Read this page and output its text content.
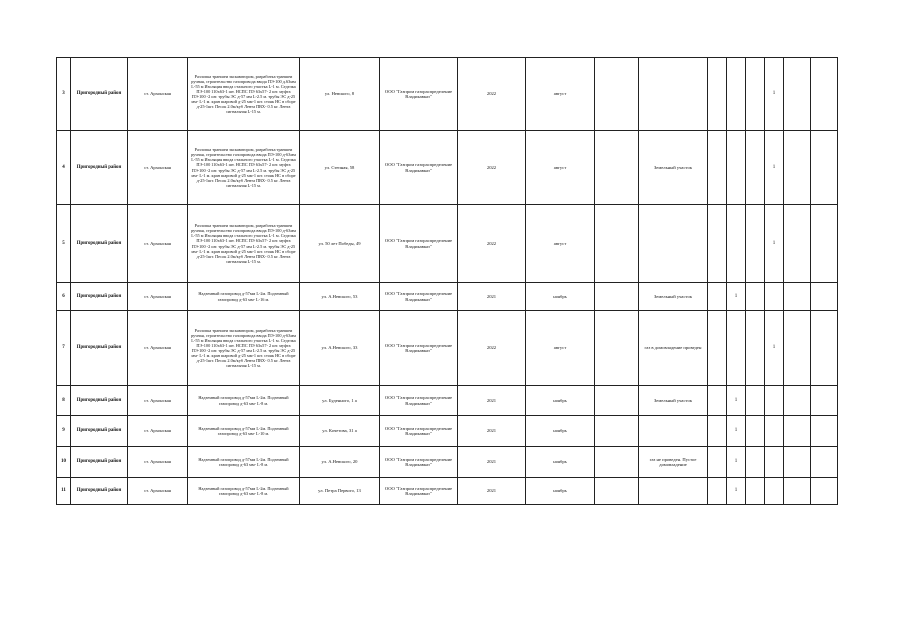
3	Пригородный район	ст. Архонская	Разлопка траншеи экскаватором, разработка траншеи ручная, строительство газопровода ввода ПЭ-100 д.63мм L-55 м Изоляция ввода стального участка L-1 м. Седелка ПЭ-100 110х63-1 шт. НСПС ПЭ 63х57- 2 шт. муфта ПЭ-100 -2 шт. трубы ЭС д-57 мм L-2.5 м. трубы ЭС д-25 мм- L-1 м. кран шаровой д-25 мм-1 шт. стояк НС в сборе д-25-1шт. Песок 2.0м/куб Лента ПВХ- 0.5 кг. Лента сигнальная L-15 м.	ул. Невского, 8	ООО "Газпром газораспределение Владикавказ"	2022	август						1		
4	Пригородный район	ст. Архонская	Разлопка траншеи экскаватором, разработка траншеи ручная, строительство газопровода ввода ПЭ-100 д-63мм L-55 м Изоляция ввода стального участка L-1 м. Седелка ПЭ-100 110х63-1 шт. НСПС ПЭ 63х57- 2 шт. муфта ПЭ-100 -2 шт. трубы ЭС д-57 мм L-2.5 м. трубы ЭС д-25 мм- L-1 м. кран шаровой д-25 мм-1 шт. стояк НС в сборе д-25-1шт. Песок 2.0м/куб Лента ПВХ- 0.5 кг. Лента сигнальная L-15 м.	ул. Степная, 58	ООО "Газпром газораспределение Владикавказ"	2022	август		Земельный участок				1		
5	Пригородный район	ст. Архонская	Разлопка траншеи экскаватором, разработка траншеи ручная, строительство газопровода ввода ПЭ-100 д-63мм L-55 м Изоляция ввода стального участка L-1 м. Седелка ПЭ-100 110х63-1 шт. НСПС ПЭ 63х57- 2 шт. муфта ПЭ-100 -2 шт. трубы ЭС д-57 мм L-2.5 м. трубы ЭС д-25 мм- L-1 м. кран шаровой д-25 мм-1 шт. стояк НС в сборе д-25-1шт. Песок 2.0м/куб Лента ПВХ- 0.5 кг. Лента сигнальная L-15 м.	ул. 50 лет Победы, 49	ООО "Газпром газораспределение Владикавказ"	2022	август						1		
6	Пригородный район	ст. Архонская	Надземный газопровод д-57мм L-2м. Подземный газопровод д-63 мм- L-16 м.	ул. А.Невского, 53	ООО "Газпром газораспределение Владикавказ"	2021	ноябрь		Земельный участок		1				
7	Пригородный район	ст. Архонская	Разлопка траншеи экскаватором, разработка траншеи ручная, строительство газопровода ввода ПЭ-100 д-63мм L-55 м Изоляция ввода стального участка L-1 м. Седелка ПЭ-100 110х63-1 шт. НСПС ПЭ 63х57- 2 шт. муфта ПЭ-100 -2 шт. трубы ЭС д-57 мм L-2.5 м. трубы ЭС д-25 мм- L-1 м. кран шаровой д-25 мм-1 шт. стояк НС в сборе д-25-1шт. Песок 2.0м/куб Лента ПВХ- 0.5 кг. Лента сигнальная L-15 м.	ул. А.Невского, 33	ООО "Газпром газораспределение Владикавказ"	2022	август		газ в домовладение проведен				1		
8	Пригородный район	ст. Архонская	Надземный газопровод д-57мм L-2м. Подземный газопровод д-63 мм- L-8 м.	ул. Буденного, 1 а	ООО "Газпром газораспределение Владикавказ"	2021	ноябрь		Земельный участок		1				
9	Пригородный район	ст. Архонская	Надземный газопровод д-57мм L-2м. Подземный газопровод д-63 мм- L-10 м.	ул. Кочетова, 31 а	ООО "Газпром газораспределение Владикавказ"	2021	ноябрь				1				
10	Пригородный район	ст. Архонская	Надземный газопровод д-57мм L-2м. Подземный газопровод д-63 мм- L-8 м.	ул. А.Невского, 20	ООО "Газпром газораспределение Владикавказ"	2021	ноябрь		газ не проведен. Пустое домовладение		1				
11	Пригородный район	ст. Архонская	Надземный газопровод д-57мм L-2м. Подземный газопровод д-63 мм- L-8 м.	ул. Петра Первого, 13	ООО "Газпром газораспределение Владикавказ"	2021	ноябрь				1				
